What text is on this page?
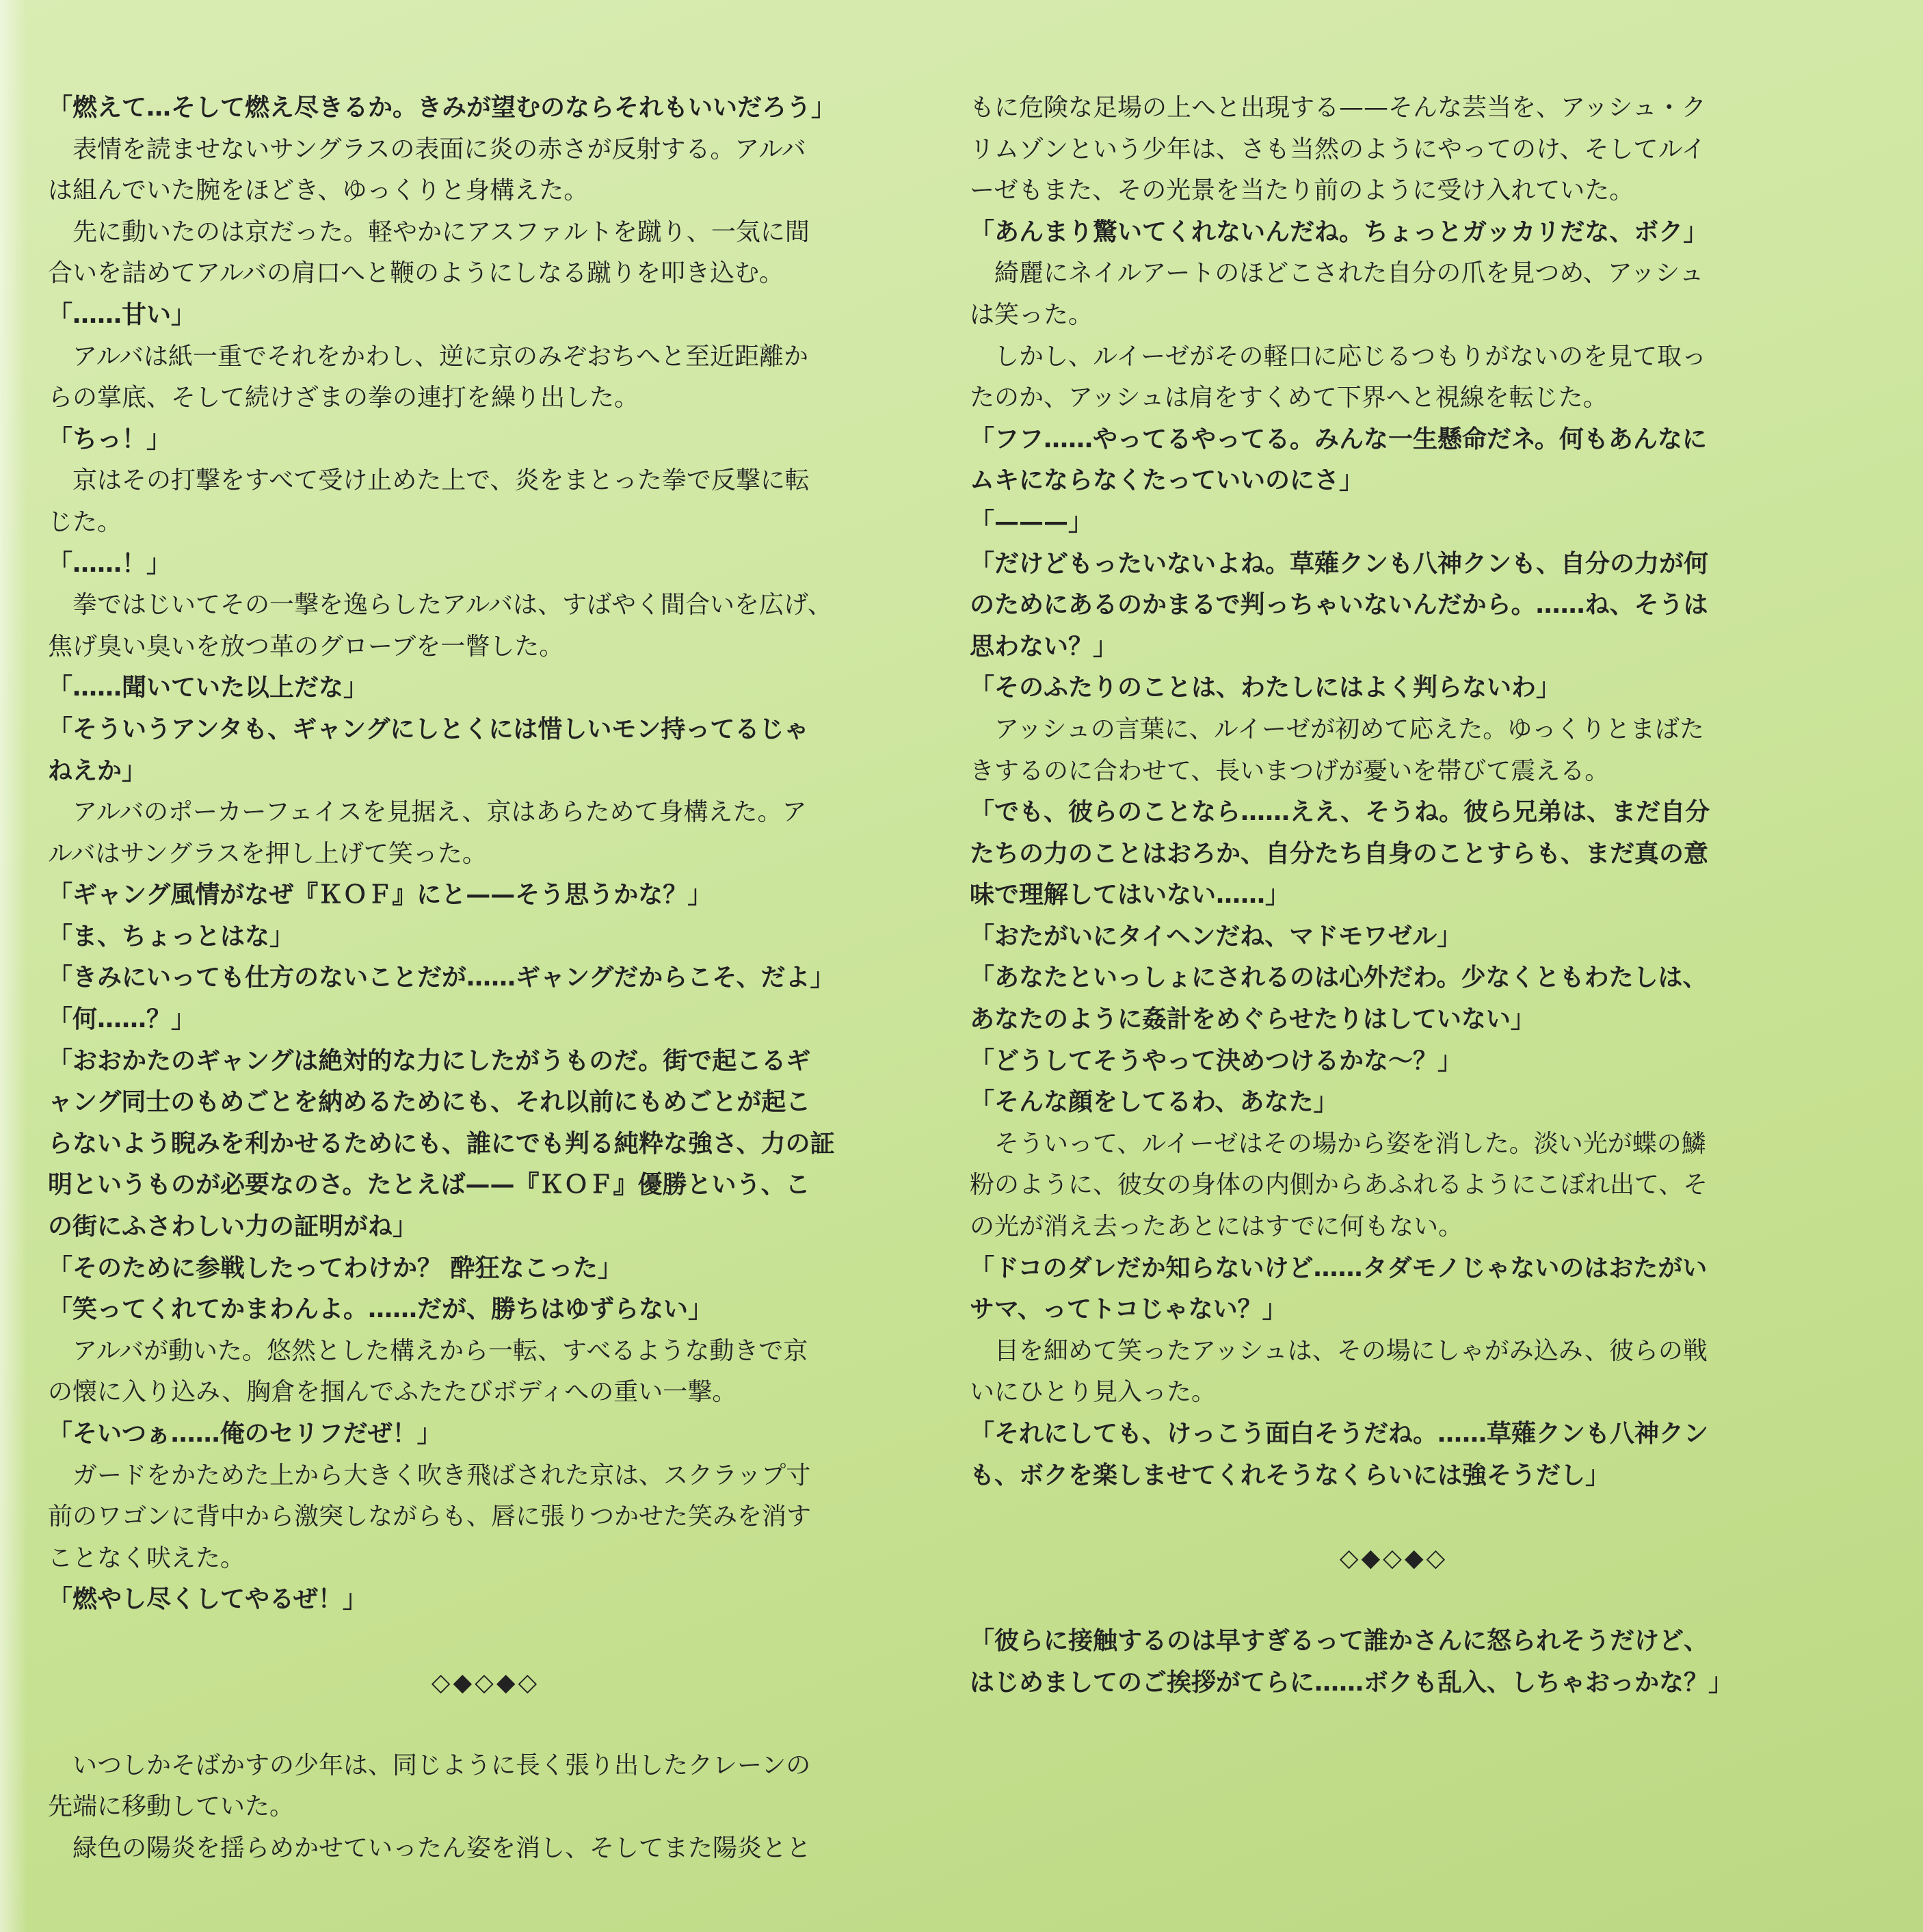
「燃えて…そして燃え尽きるか。きみが望むのならそれもいいだろう」
　表情を読ませないサングラスの表面に炎の赤さが反射する。アルバ
は組んでいた腕をほどき、ゆっくりと身構えた。
　先に動いたのは京だった。軽やかにアスファルトを蹴り、一気に間
合いを詰めてアルバの肩口へと鞭のようにしなる蹴りを叩き込む。
「……甘い」
　アルバは紙一重でそれをかわし、逆に京のみぞおちへと至近距離か
らの掌底、そして続けざまの拳の連打を繰り出した。
「ちっ！」
　京はその打撃をすべて受け止めた上で、炎をまとった拳で反撃に転
じた。
「……！」
　拳ではじいてその一撃を逸らしたアルバは、すばやく間合いを広げ、
焦げ臭い臭いを放つ革のグローブを一瞥した。
「……聞いていた以上だな」
「そういうアンタも、ギャングにしとくには惜しいモン持ってるじゃ
ねえか」
　アルバのポーカーフェイスを見据え、京はあらためて身構えた。ア
ルバはサングラスを押し上げて笑った。
「ギャング風情がなぜ『ＫＯＦ』にと——そう思うかな？」
「ま、ちょっとはな」
「きみにいっても仕方のないことだが……ギャングだからこそ、だよ」
「何……？」
「おおかたのギャングは絶対的な力にしたがうものだ。街で起こるギ
ャング同士のもめごとを納めるためにも、それ以前にもめごとが起こ
らないよう睨みを利かせるためにも、誰にでも判る純粋な強さ、力の証
明というものが必要なのさ。たとえば——『ＫＯＦ』優勝という、こ
の街にふさわしい力の証明がね」
「そのために参戦したってわけか？ 酔狂なこった」
「笑ってくれてかまわんよ。……だが、勝ちはゆずらない」
　アルバが動いた。悠然とした構えから一転、すべるような動きで京
の懐に入り込み、胸倉を掴んでふたたびボディへの重い一撃。
「そいつぁ……俺のセリフだぜ！」
　ガードをかためた上から大きく吹き飛ばされた京は、スクラップ寸
前のワゴンに背中から激突しながらも、唇に張りつかせた笑みを消す
ことなく吠えた。
「燃やし尽くしてやるぜ！」
◇◆◇◆◇
　いつしかそばかすの少年は、同じように長く張り出したクレーンの
先端に移動していた。
　緑色の陽炎を揺らめかせていったん姿を消し、そしてまた陽炎とと
もに危険な足場の上へと出現する——そんな芸当を、アッシュ・ク
リムゾンという少年は、さも当然のようにやってのけ、そしてルイ
ーゼもまた、その光景を当たり前のように受け入れていた。
「あんまり驚いてくれないんだね。ちょっとガッカリだな、ボク」
　綺麗にネイルアートのほどこされた自分の爪を見つめ、アッシュ
は笑った。
　しかし、ルイーゼがその軽口に応じるつもりがないのを見て取っ
たのか、アッシュは肩をすくめて下界へと視線を転じた。
「フフ……やってるやってる。みんな一生懸命だネ。何もあんなに
ムキにならなくたっていいのにさ」
「———」
「だけどもったいないよね。草薙クンも八神クンも、自分の力が何
のためにあるのかまるで判っちゃいないんだから。……ね、そうは
思わない？」
「そのふたりのことは、わたしにはよく判らないわ」
　アッシュの言葉に、ルイーゼが初めて応えた。ゆっくりとまばた
きするのに合わせて、長いまつげが憂いを帯びて震える。
「でも、彼らのことなら……ええ、そうね。彼ら兄弟は、まだ自分
たちの力のことはおろか、自分たち自身のことすらも、まだ真の意
味で理解してはいない……」
「おたがいにタイヘンだね、マドモワゼル」
「あなたといっしょにされるのは心外だわ。少なくともわたしは、
あなたのように姦計をめぐらせたりはしていない」
「どうしてそうやって決めつけるかな〜？」
「そんな顔をしてるわ、あなた」
　そういって、ルイーゼはその場から姿を消した。淡い光が蝶の鱗
粉のように、彼女の身体の内側からあふれるようにこぼれ出て、そ
の光が消え去ったあとにはすでに何もない。
「ドコのダレだか知らないけど……タダモノじゃないのはおたがい
サマ、ってトコじゃない？」
　目を細めて笑ったアッシュは、その場にしゃがみ込み、彼らの戦
いにひとり見入った。
「それにしても、けっこう面白そうだね。……草薙クンも八神クン
も、ボクを楽しませてくれそうなくらいには強そうだし」
◇◆◇◆◇
「彼らに接触するのは早すぎるって誰かさんに怒られそうだけど、
はじめましてのご挨拶がてらに……ボクも乱入、しちゃおっかな？」
